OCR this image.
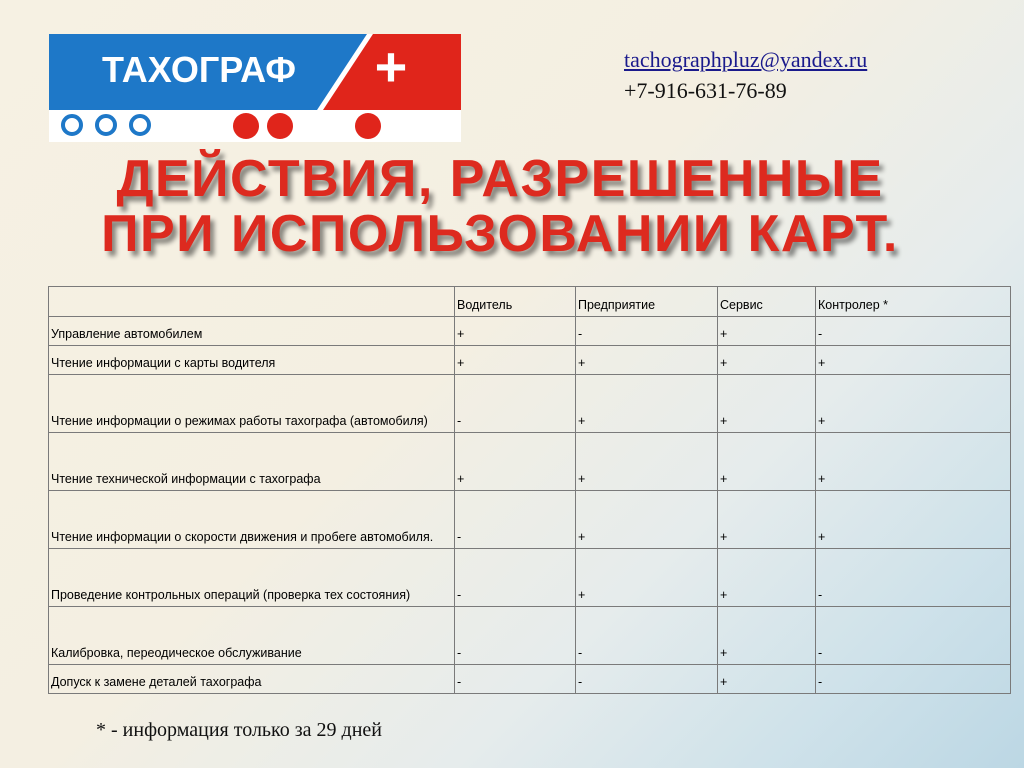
ТАХОГРАФ +	tachographpluz@yandex.ru
+7-916-631-76-89
ДЕЙСТВИЯ, РАЗРЕШЕННЫЕ
ПРИ ИСПОЛЬЗОВАНИИ КАРТ.
	Водитель	Предприятие	Сервис	Контролер *
Управление автомобилем	+	-	+	-
Чтение информации с карты водителя	+	+	+	+
Чтение информации о режимах работы тахографа (автомобиля)	-	+	+	+
Чтение технической информации с тахографа	+	+	+	+
Чтение информации о скорости движения и пробеге автомобиля.	-	+	+	+
Проведение контрольных операций (проверка тех состояния)	-	+	+	-
Калибровка, переодическое обслуживание	-	-	+	-
Допуск к замене деталей тахографа	-	-	+	-
* - информация только за 29 дней
